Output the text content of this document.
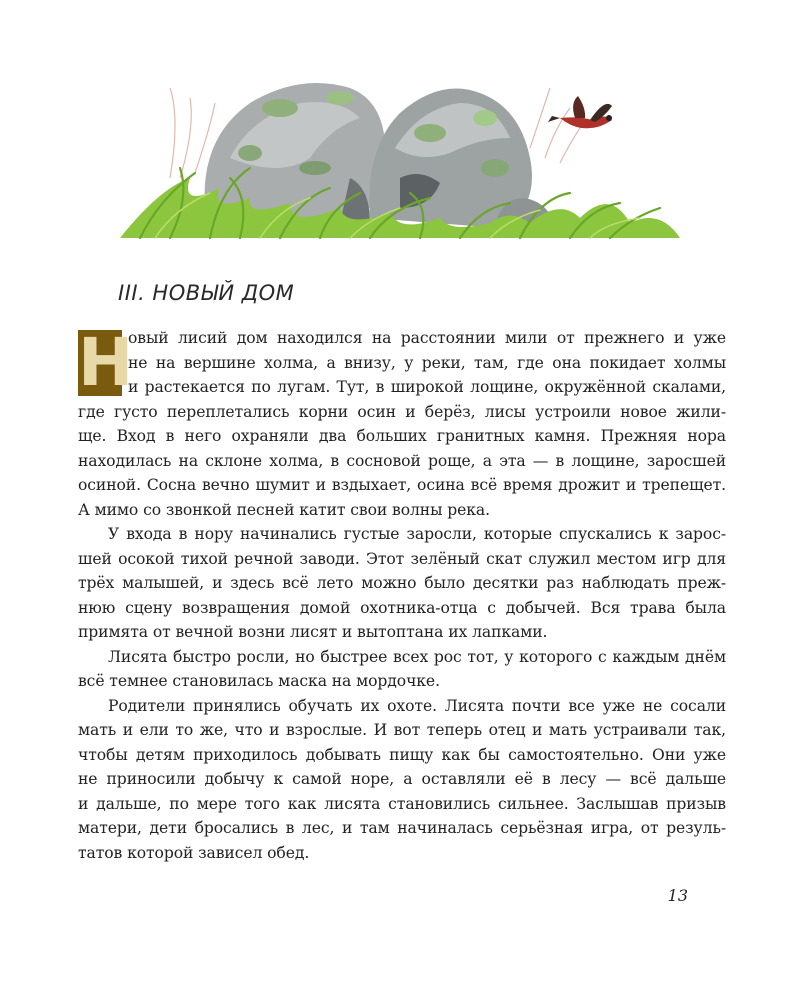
III. НОВЫЙ ДОМ
Н

овый лисий дом находился на расстоянии мили от прежнего и уже
не на вершине холма, а внизу, у реки, там, где она покидает холмы
и растекается по лугам. Тут, в широкой лощине, окружённой скалами,
где густо переплетались корни осин и берёз, лисы устроили новое жили-
ще. Вход в него охраняли два больших гранитных камня. Прежняя нора
находилась на склоне холма, в сосновой роще, а эта — в лощине, заросшей
осиной. Сосна вечно шумит и вздыхает, осина всё время дрожит и трепещет.
А мимо со звонкой песней катит свои волны река.

У входа в нору начинались густые заросли, которые спускались к зарос-
шей осокой тихой речной заводи. Этот зелёный скат служил местом игр для
трёх малышей, и здесь всё лето можно было десятки раз наблюдать преж-
нюю сцену возвращения домой охотника-отца с добычей. Вся трава была
примята от вечной возни лисят и вытоптана их лапками.

Лисята быстро росли, но быстрее всех рос тот, у которого с каждым днём
всё темнее становилась маска на мордочке.

Родители принялись обучать их охоте. Лисята почти все уже не сосали
мать и ели то же, что и взрослые. И вот теперь отец и мать устраивали так,
чтобы детям приходилось добывать пищу как бы самостоятельно. Они уже
не приносили добычу к самой норе, а оставляли её в лесу — всё дальше
и дальше, по мере того как лисята становились сильнее. Заслышав призыв
матери, дети бросались в лес, и там начиналась серьёзная игра, от резуль-
татов которой зависел обед.

13
